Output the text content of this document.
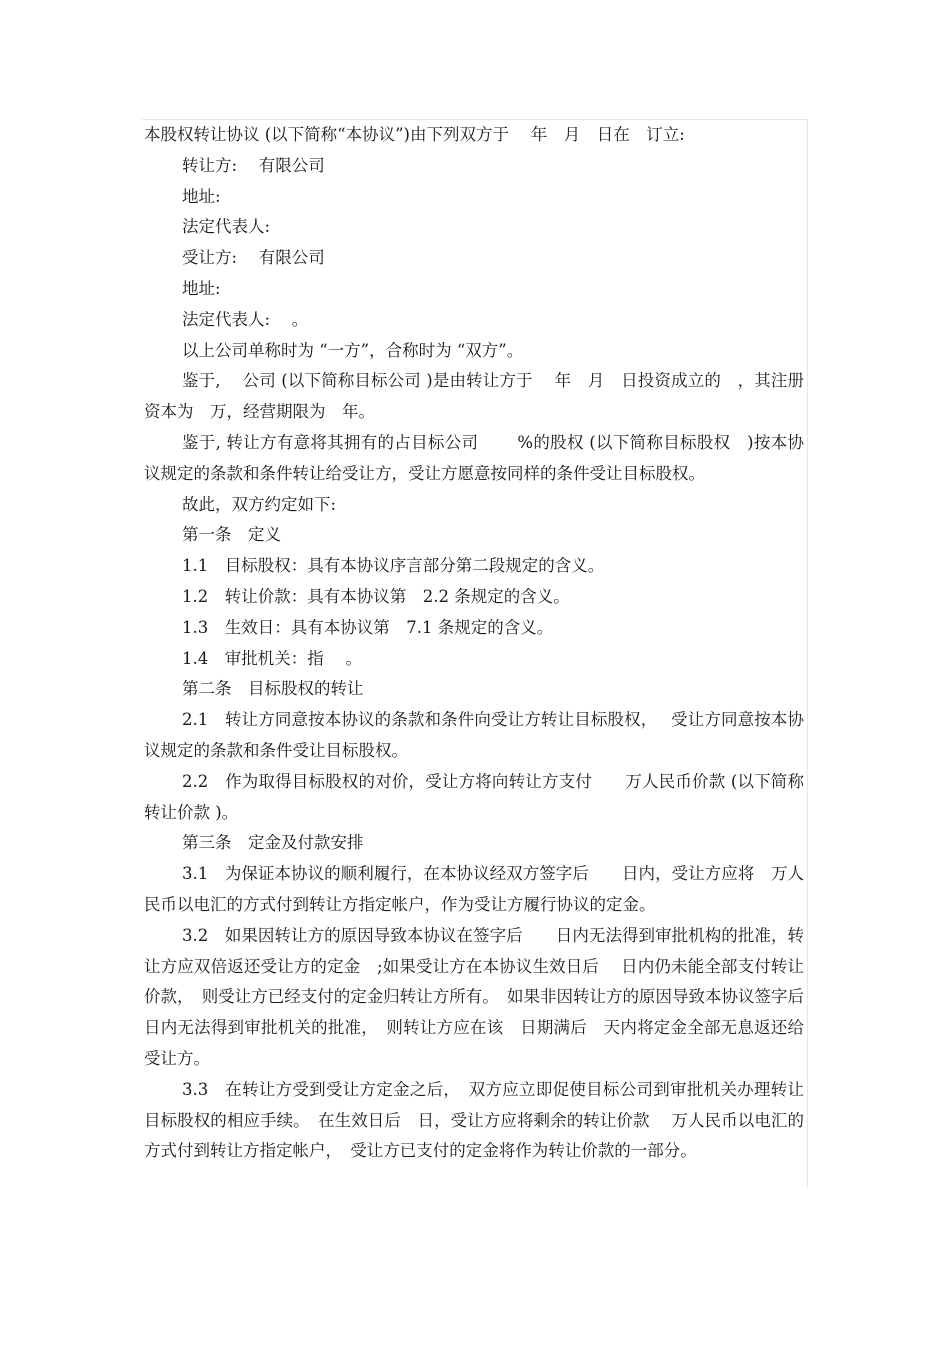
本股权转让协议 (以下简称“本协议”)由下列双方于　 年　月　日在　订立:

转让方:　 有限公司

地址:

法定代表人:

受让方:　 有限公司

地址:

法定代表人:　 。

以上公司单称时为 “一方”，合称时为 “双方”。

鉴于,　 公司 (以下简称目标公司 )是由转让方于　 年　月　日投资成立的　，其注册资本为　万，经营期限为　年。

鉴于, 转让方有意将其拥有的占目标公司　　 %的股权 (以下简称目标股权　)按本协议规定的条款和条件转让给受让方，受让方愿意按同样的条件受让目标股权。

故此，双方约定如下:

第一条　定义

1.1　目标股权：具有本协议序言部分第二段规定的含义。

1.2　转让价款：具有本协议第　2.2 条规定的含义。

1.3　生效日：具有本协议第　7.1 条规定的含义。

1.4　审批机关：指　 。

第二条　目标股权的转让

2.1　转让方同意按本协议的条款和条件向受让方转让目标股权，　 受让方同意按本协议规定的条款和条件受让目标股权。

2.2　作为取得目标股权的对价，受让方将向转让方支付　　万人民币价款 (以下简称转让价款 )。

第三条　定金及付款安排

3.1　为保证本协议的顺利履行，在本协议经双方签字后　　日内，受让方应将　万人民币以电汇的方式付到转让方指定帐户，作为受让方履行协议的定金。

3.2　如果因转让方的原因导致本协议在签字后　　日内无法得到审批机构的批准，转让方应双倍返还受让方的定金　;如果受让方在本协议生效日后　 日内仍未能全部支付转让价款，　则受让方已经支付的定金归转让方所有。　如果非因转让方的原因导致本协议签字后　 日内无法得到审批机关的批准，　则转让方应在该　日期满后　天内将定金全部无息返还给受让方。

3.3　在转让方受到受让方定金之后，　双方应立即促使目标公司到审批机关办理转让目标股权的相应手续。　在生效日后　日，受让方应将剩余的转让价款　 万人民币以电汇的方式付到转让方指定帐户，　受让方已支付的定金将作为转让价款的一部分。
